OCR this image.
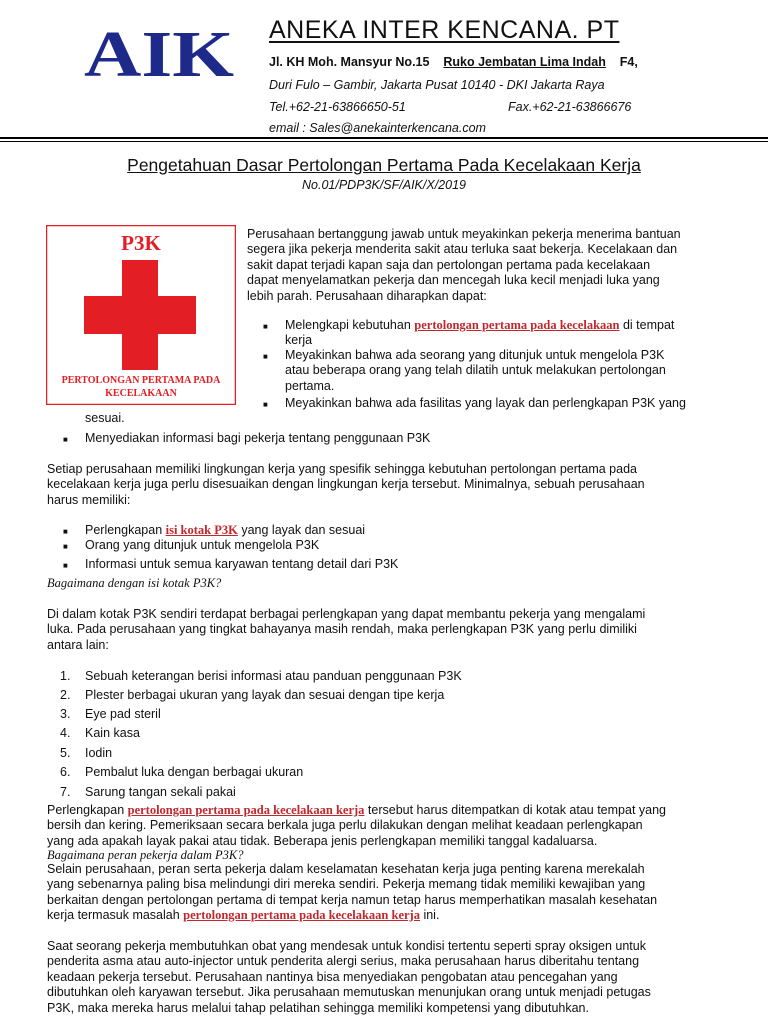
AIK ANEKA INTER KENCANA. PT
Jl. KH Moh. Mansyur No.15 Ruko Jembatan Lima Indah F4,
Duri Fulo – Gambir, Jakarta Pusat 10140 - DKI Jakarta Raya
Tel.+62-21-63866650-51	Fax.+62-21-63866676
email : Sales@anekainterkencana.com
Pengetahuan Dasar Pertolongan Pertama Pada Kecelakaan Kerja
No.01/PDP3K/SF/AIK/X/2019
P3K
PERTOLONGAN PERTAMA PADA
KECELAKAAN
Perusahaan bertanggung jawab untuk meyakinkan pekerja menerima bantuan
segera jika pekerja menderita sakit atau terluka saat bekerja. Kecelakaan dan
sakit dapat terjadi kapan saja dan pertolongan pertama pada kecelakaan
dapat menyelamatkan pekerja dan mencegah luka kecil menjadi luka yang
lebih parah. Perusahaan diharapkan dapat:
■ Melengkapi kebutuhan pertolongan pertama pada kecelakaan di tempat
kerja
■ Meyakinkan bahwa ada seorang yang ditunjuk untuk mengelola P3K
atau beberapa orang yang telah dilatih untuk melakukan pertolongan
pertama.
■ Meyakinkan bahwa ada fasilitas yang layak dan perlengkapan P3K yang
sesuai.
■ Menyediakan informasi bagi pekerja tentang penggunaan P3K
Setiap perusahaan memiliki lingkungan kerja yang spesifik sehingga kebutuhan pertolongan pertama pada
kecelakaan kerja juga perlu disesuaikan dengan lingkungan kerja tersebut. Minimalnya, sebuah perusahaan
harus memiliki:
■ Perlengkapan isi kotak P3K yang layak dan sesuai
■ Orang yang ditunjuk untuk mengelola P3K
■ Informasi untuk semua karyawan tentang detail dari P3K
Bagaimana dengan isi kotak P3K?
Di dalam kotak P3K sendiri terdapat berbagai perlengkapan yang dapat membantu pekerja yang mengalami
luka. Pada perusahaan yang tingkat bahayanya masih rendah, maka perlengkapan P3K yang perlu dimiliki
antara lain:
1. Sebuah keterangan berisi informasi atau panduan penggunaan P3K
2. Plester berbagai ukuran yang layak dan sesuai dengan tipe kerja
3. Eye pad steril
4. Kain kasa
5. Iodin
6. Pembalut luka dengan berbagai ukuran
7. Sarung tangan sekali pakai
Perlengkapan pertolongan pertama pada kecelakaan kerja tersebut harus ditempatkan di kotak atau tempat yang
bersih dan kering. Pemeriksaan secara berkala juga perlu dilakukan dengan melihat keadaan perlengkapan
yang ada apakah layak pakai atau tidak. Beberapa jenis perlengkapan memiliki tanggal kadaluarsa.
Bagaimana peran pekerja dalam P3K?
Selain perusahaan, peran serta pekerja dalam keselamatan kesehatan kerja juga penting karena merekalah
yang sebenarnya paling bisa melindungi diri mereka sendiri. Pekerja memang tidak memiliki kewajiban yang
berkaitan dengan pertolongan pertama di tempat kerja namun tetap harus memperhatikan masalah kesehatan
kerja termasuk masalah pertolongan pertama pada kecelakaan kerja ini.
Saat seorang pekerja membutuhkan obat yang mendesak untuk kondisi tertentu seperti spray oksigen untuk
penderita asma atau auto-injector untuk penderita alergi serius, maka perusahaan harus diberitahu tentang
keadaan pekerja tersebut. Perusahaan nantinya bisa menyediakan pengobatan atau pencegahan yang
dibutuhkan oleh karyawan tersebut. Jika perusahaan memutuskan menunjukan orang untuk menjadi petugas
P3K, maka mereka harus melalui tahap pelatihan sehingga memiliki kompetensi yang dibutuhkan.
